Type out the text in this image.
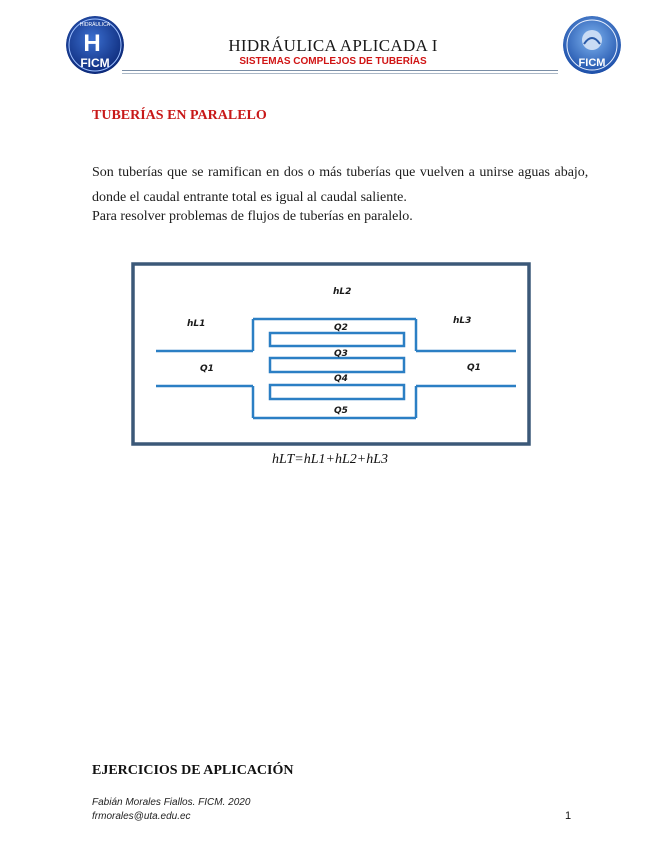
HIDRÁULICA
H
FICM
HIDRÁULICA APLICADA I
SISTEMAS COMPLEJOS DE TUBERÍAS	FICM
TUBERÍAS EN PARALELO
Son tuberías que se ramifican en dos o más tuberías que vuelven a unirse aguas abajo,
donde el caudal entrante total es igual al caudal saliente.
Para resolver problemas de flujos de tuberías en paralelo.
hL2
hL1	hL3
Q2
Q3
Q4
Q1	Q1
Q5
hLT=hL1+hL2+hL3
EJERCICIOS DE APLICACIÓN
Fabián Morales Fiallos. FICM. 2020
frmorales@uta.edu.ec	1
